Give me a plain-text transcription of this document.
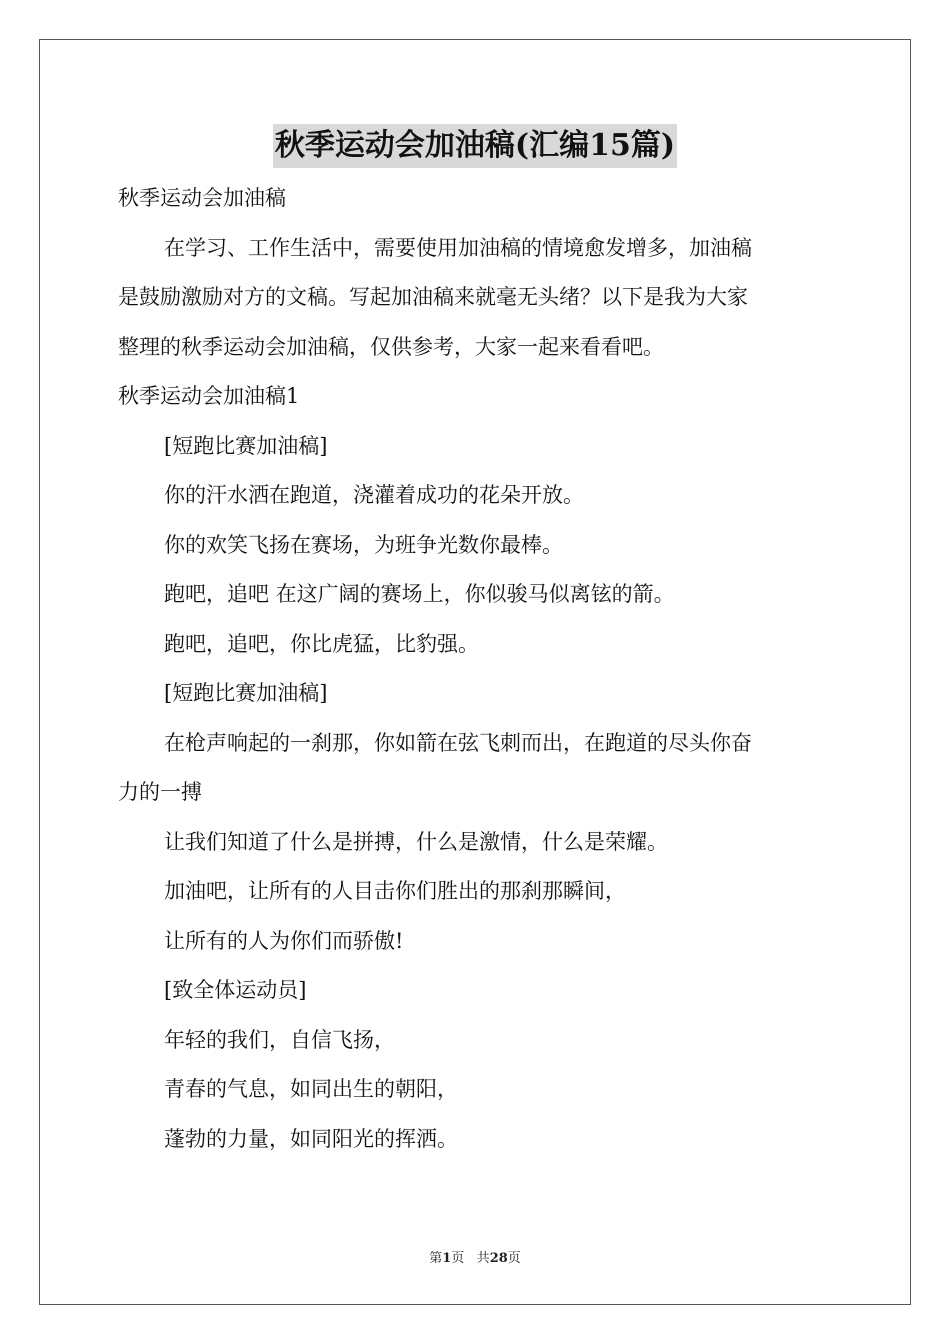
秋季运动会加油稿(汇编15篇)
秋季运动会加油稿
在学习、工作生活中，需要使用加油稿的情境愈发增多，加油稿
是鼓励激励对方的文稿。写起加油稿来就毫无头绪？以下是我为大家
整理的秋季运动会加油稿，仅供参考，大家一起来看看吧。
秋季运动会加油稿1
[短跑比赛加油稿]
你的汗水洒在跑道，浇灌着成功的花朵开放。
你的欢笑飞扬在赛场，为班争光数你最棒。
跑吧，追吧 在这广阔的赛场上，你似骏马似离铉的箭。
跑吧，追吧，你比虎猛，比豹强。
[短跑比赛加油稿]
在枪声响起的一刹那，你如箭在弦飞刺而出，在跑道的尽头你奋
力的一搏
让我们知道了什么是拼搏，什么是激情，什么是荣耀。
加油吧，让所有的人目击你们胜出的那刹那瞬间，
让所有的人为你们而骄傲!
[致全体运动员]
年轻的我们，自信飞扬，
青春的气息，如同出生的朝阳，
蓬勃的力量，如同阳光的挥洒。
第1页 共28页
